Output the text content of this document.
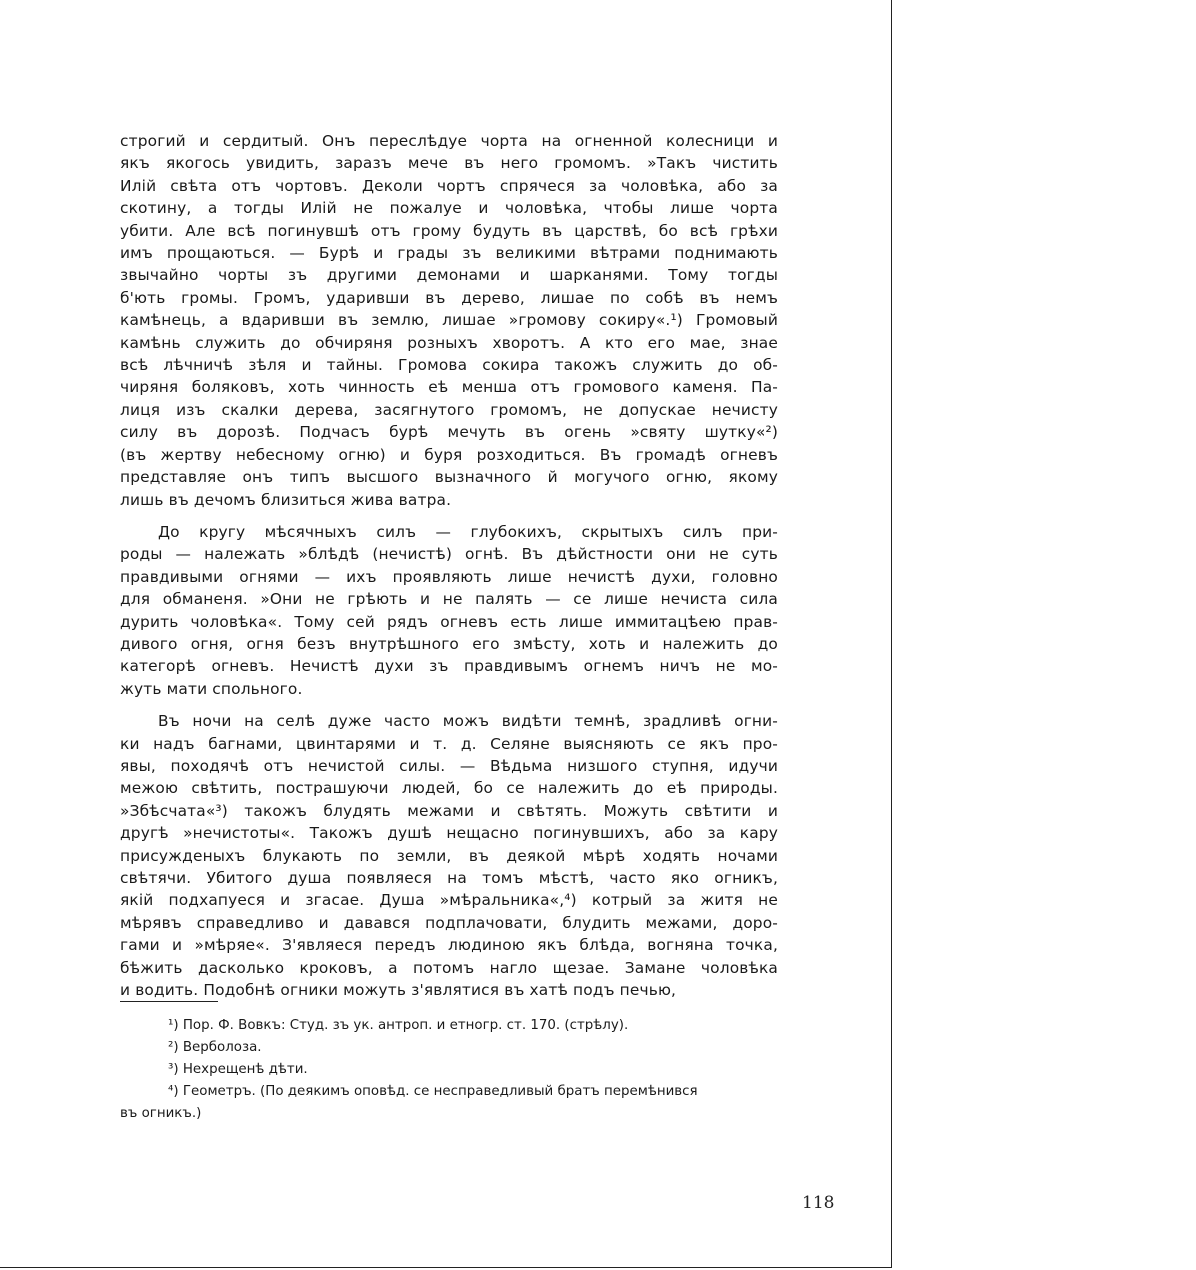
строгий и сердитый. Онъ переслѣдуе чорта на огненной колесници и
якъ якогось увидить, заразъ мече въ него громомъ. »Такъ чистить
Илій свѣта отъ чортовъ. Деколи чортъ спрячеся за чоловѣка, або за
скотину, а тогды Илій не пожалуе и чоловѣка, чтобы лише чорта
убити. Але всѣ погинувшѣ отъ грому будуть въ царствѣ, бо всѣ грѣхи
имъ прощаються. — Бурѣ и грады зъ великими вѣтрами поднимають
звычайно чорты зъ другими демонами и шарканями. Тому тогды
б'ють громы. Громъ, ударивши въ дерево, лишае по собѣ въ немъ
камѣнець, а вдаривши въ землю, лишае »громову сокиру«.¹) Громовый
камѣнь служить до обчиряня розныхъ хворотъ. А кто его мае, знае
всѣ лѣчничѣ зѣля и тайны. Громова сокира такожъ служить до об-
чиряня боляковъ, хоть чинность еѣ менша отъ громового каменя. Па-
лиця изъ скалки дерева, засягнутого громомъ, не допускае нечисту
силу въ дорозѣ. Подчасъ бурѣ мечуть въ огень »святу шутку«²)
(въ жертву небесному огню) и буря розходиться. Въ громадѣ огневъ
представляе онъ типъ высшого вызначного й могучого огню, якому
лишь въ дечомъ близиться жива ватра.
До кругу мѣсячныхъ силъ — глубокихъ, скрытыхъ силъ при-
роды — належать »блѣдѣ (нечистѣ) огнѣ. Въ дѣйстности они не суть
правдивыми огнями — ихъ проявляють лише нечистѣ духи, головно
для обманеня. »Они не грѣють и не палять — се лише нечиста сила
дурить чоловѣка«. Тому сей рядъ огневъ есть лише иммитацѣею прав-
дивого огня, огня безъ внутрѣшного его змѣсту, хоть и належить до
категорѣ огневъ. Нечистѣ духи зъ правдивымъ огнемъ ничъ не мо-
жуть мати спольного.
Въ ночи на селѣ дуже часто можъ видѣти темнѣ, зрадливѣ огни-
ки надъ багнами, цвинтарями и т. д. Селяне выясняють се якъ про-
явы, походячѣ отъ нечистой силы. — Вѣдьма низшого ступня, идучи
межою свѣтить, пострашуючи людей, бо се належить до еѣ природы.
»Збѣсчата«³) такожъ блудять межами и свѣтять. Можуть свѣтити и
другѣ »нечистоты«. Такожъ душѣ нещасно погинувшихъ, або за кару
присужденыхъ блукають по земли, въ деякой мѣрѣ ходять ночами
свѣтячи. Убитого душа появляеся на томъ мѣстѣ, часто яко огникъ,
якій подхапуеся и згасае. Душа »мѣральника«,⁴) котрый за житя не
мѣрявъ справедливо и давався подплачовати, блудить межами, доро-
гами и »мѣряе«. З'являеся передъ людиною якъ блѣда, вогняна точка,
бѣжить дасколько кроковъ, а потомъ нагло щезае. Замане чоловѣка
и водить. Подобнѣ огники можуть з'являтися въ хатѣ подъ печью,
¹) Пор. Ф. Вовкъ: Студ. зъ ук. антроп. и етногр. ст. 170. (стрѣлу).
²) Верболоза.
³) Нехрещенѣ дѣти.
⁴) Геометръ. (По деякимъ оповѣд. се несправедливый братъ перемѣнився
въ огникъ.)
118
